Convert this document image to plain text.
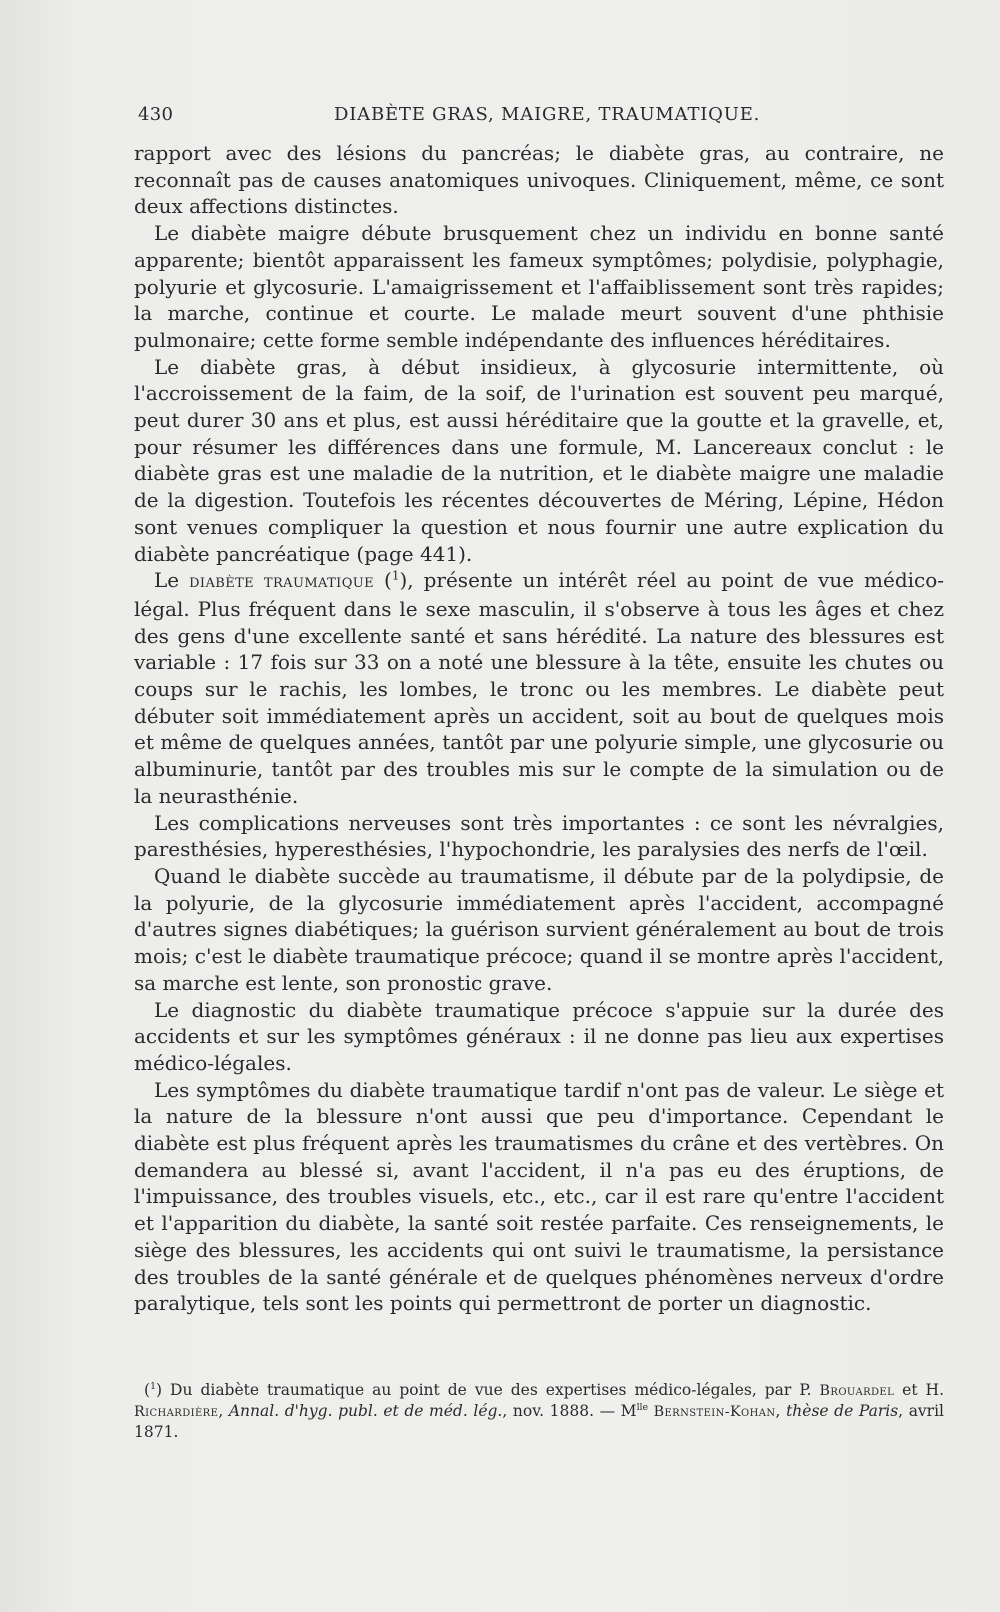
430	DIABÈTE GRAS, MAIGRE, TRAUMATIQUE.

rapport avec des lésions du pancréas; le diabète gras, au contraire, ne reconnaît pas de causes anatomiques univoques. Cliniquement, même, ce sont deux affections distinctes.

Le diabète maigre débute brusquement chez un individu en bonne santé apparente; bientôt apparaissent les fameux symptômes; polydisie, polyphagie, polyurie et glycosurie. L'amaigrissement et l'affaiblissement sont très rapides; la marche, continue et courte. Le malade meurt souvent d'une phthisie pulmonaire; cette forme semble indépendante des influences héréditaires.

Le diabète gras, à début insidieux, à glycosurie intermittente, où l'accroissement de la faim, de la soif, de l'urination est souvent peu marqué, peut durer 30 ans et plus, est aussi héréditaire que la goutte et la gravelle, et, pour résumer les différences dans une formule, M. Lancereaux conclut : le diabète gras est une maladie de la nutrition, et le diabète maigre une maladie de la digestion. Toutefois les récentes découvertes de Méring, Lépine, Hédon sont venues compliquer la question et nous fournir une autre explication du diabète pancréatique (page 441).

Le diabète traumatique ($^1$), présente un intérêt réel au point de vue médico-légal. Plus fréquent dans le sexe masculin, il s'observe à tous les âges et chez des gens d'une excellente santé et sans hérédité. La nature des blessures est variable : 17 fois sur 33 on a noté une blessure à la tête, ensuite les chutes ou coups sur le rachis, les lombes, le tronc ou les membres. Le diabète peut débuter soit immédiatement après un accident, soit au bout de quelques mois et même de quelques années, tantôt par une polyurie simple, une glycosurie ou albuminurie, tantôt par des troubles mis sur le compte de la simulation ou de la neurasthénie.

Les complications nerveuses sont très importantes : ce sont les névralgies, paresthésies, hyperesthésies, l'hypochondrie, les paralysies des nerfs de l'œil.

Quand le diabète succède au traumatisme, il débute par de la polydipsie, de la polyurie, de la glycosurie immédiatement après l'accident, accompagné d'autres signes diabétiques; la guérison survient généralement au bout de trois mois; c'est le diabète traumatique précoce; quand il se montre après l'accident, sa marche est lente, son pronostic grave.

Le diagnostic du diabète traumatique précoce s'appuie sur la durée des accidents et sur les symptômes généraux : il ne donne pas lieu aux expertises médico-légales.

Les symptômes du diabète traumatique tardif n'ont pas de valeur. Le siège et la nature de la blessure n'ont aussi que peu d'importance. Cependant le diabète est plus fréquent après les traumatismes du crâne et des vertèbres. On demandera au blessé si, avant l'accident, il n'a pas eu des éruptions, de l'impuissance, des troubles visuels, etc., etc., car il est rare qu'entre l'accident et l'apparition du diabète, la santé soit restée parfaite. Ces renseignements, le siège des blessures, les accidents qui ont suivi le traumatisme, la persistance des troubles de la santé générale et de quelques phénomènes nerveux d'ordre paralytique, tels sont les points qui permettront de porter un diagnostic.

($^1$) Du diabète traumatique au point de vue des expertises médico-légales, par P. Brouardel et H. Richardière, Annal. d'hyg. publ. et de méd. lég., nov. 1888. — $M^{lle}$ Bernstein-Kohan, thèse de Paris, avril 1871.
